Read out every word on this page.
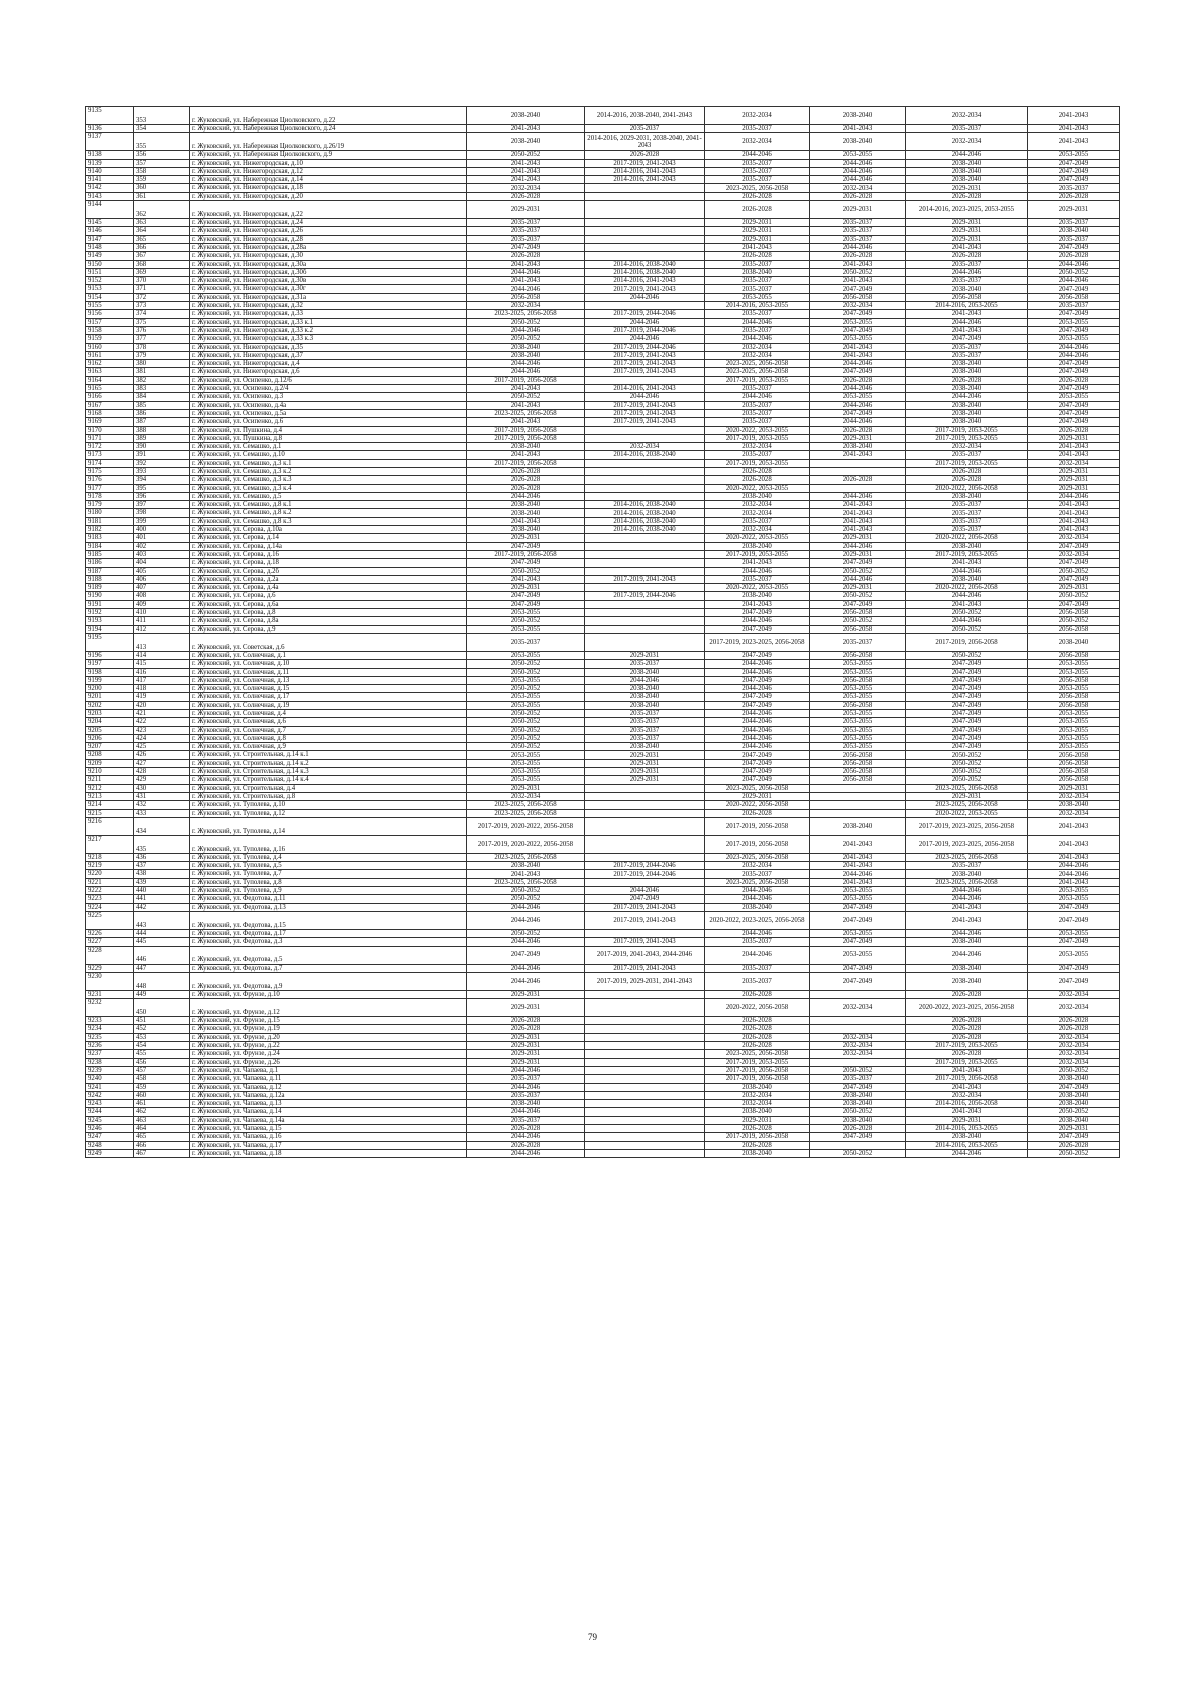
9135	353	г. Жуковский, ул. Набережная Циолковского, д.22	2038-2040	2014-2016, 2038-2040, 2041-2043	2032-2034	2038-2040	2032-2034	2041-2043
9136	354	г. Жуковский, ул. Набережная Циолковского, д.24	2041-2043	2035-2037	2035-2037	2041-2043	2035-2037	2041-2043
9137	355	г. Жуковский, ул. Набережная Циолковского, д.26/19	2038-2040	2014-2016, 2029-2031, 2038-2040, 2041-2043	2032-2034	2038-2040	2032-2034	2041-2043
9138	356	г. Жуковский, ул. Набережная Циолковского, д.9	2050-2052	2026-2028	2044-2046	2053-2055	2044-2046	2053-2055
9139	357	г. Жуковский, ул. Нижегородская, д.10	2041-2043	2017-2019, 2041-2043	2035-2037	2044-2046	2038-2040	2047-2049
9140	358	г. Жуковский, ул. Нижегородская, д.12	2041-2043	2014-2016, 2041-2043	2035-2037	2044-2046	2038-2040	2047-2049
9141	359	г. Жуковский, ул. Нижегородская, д.14	2041-2043	2014-2016, 2041-2043	2035-2037	2044-2046	2038-2040	2047-2049
9142	360	г. Жуковский, ул. Нижегородская, д.18	2032-2034		2023-2025, 2056-2058	2032-2034	2029-2031	2035-2037
9143	361	г. Жуковский, ул. Нижегородская, д.20	2026-2028		2026-2028	2026-2028	2026-2028	2026-2028
9144	362	г. Жуковский, ул. Нижегородская, д.22	2029-2031		2026-2028	2029-2031	2014-2016, 2023-2025, 2053-2055	2029-2031
9145	363	г. Жуковский, ул. Нижегородская, д.24	2035-2037		2029-2031	2035-2037	2029-2031	2035-2037
9146	364	г. Жуковский, ул. Нижегородская, д.26	2035-2037		2029-2031	2035-2037	2029-2031	2038-2040
9147	365	г. Жуковский, ул. Нижегородская, д.28	2035-2037		2029-2031	2035-2037	2029-2031	2035-2037
9148	366	г. Жуковский, ул. Нижегородская, д.28а	2047-2049		2041-2043	2044-2046	2041-2043	2047-2049
9149	367	г. Жуковский, ул. Нижегородская, д.30	2026-2028		2026-2028	2026-2028	2026-2028	2026-2028
9150	368	г. Жуковский, ул. Нижегородская, д.30а	2041-2043	2014-2016, 2038-2040	2035-2037	2041-2043	2035-2037	2044-2046
9151	369	г. Жуковский, ул. Нижегородская, д.30б	2044-2046	2014-2016, 2038-2040	2038-2040	2050-2052	2044-2046	2050-2052
9152	370	г. Жуковский, ул. Нижегородская, д.30в	2041-2043	2014-2016, 2041-2043	2035-2037	2041-2043	2035-2037	2044-2046
9153	371	г. Жуковский, ул. Нижегородская, д.30г	2044-2046	2017-2019, 2041-2043	2035-2037	2047-2049	2038-2040	2047-2049
9154	372	г. Жуковский, ул. Нижегородская, д.31а	2056-2058	2044-2046	2053-2055	2056-2058	2056-2058	2056-2058
9155	373	г. Жуковский, ул. Нижегородская, д.32	2032-2034		2014-2016, 2053-2055	2032-2034	2014-2016, 2053-2055	2035-2037
9156	374	г. Жуковский, ул. Нижегородская, д.33	2023-2025, 2056-2058	2017-2019, 2044-2046	2035-2037	2047-2049	2041-2043	2047-2049
9157	375	г. Жуковский, ул. Нижегородская, д.33 к.1	2050-2052	2044-2046	2044-2046	2053-2055	2044-2046	2053-2055
9158	376	г. Жуковский, ул. Нижегородская, д.33 к.2	2044-2046	2017-2019, 2044-2046	2035-2037	2047-2049	2041-2043	2047-2049
9159	377	г. Жуковский, ул. Нижегородская, д.33 к.3	2050-2052	2044-2046	2044-2046	2053-2055	2047-2049	2053-2055
9160	378	г. Жуковский, ул. Нижегородская, д.35	2038-2040	2017-2019, 2044-2046	2032-2034	2041-2043	2035-2037	2044-2046
9161	379	г. Жуковский, ул. Нижегородская, д.37	2038-2040	2017-2019, 2041-2043	2032-2034	2041-2043	2035-2037	2044-2046
9162	380	г. Жуковский, ул. Нижегородская, д.4	2044-2046	2017-2019, 2041-2043	2023-2025, 2056-2058	2044-2046	2038-2040	2047-2049
9163	381	г. Жуковский, ул. Нижегородская, д.6	2044-2046	2017-2019, 2041-2043	2023-2025, 2056-2058	2047-2049	2038-2040	2047-2049
9164	382	г. Жуковский, ул. Осипенко, д.12/6	2017-2019, 2056-2058		2017-2019, 2053-2055	2026-2028	2026-2028	2026-2028
9165	383	г. Жуковский, ул. Осипенко, д.2/4	2041-2043	2014-2016, 2041-2043	2035-2037	2044-2046	2038-2040	2047-2049
9166	384	г. Жуковский, ул. Осипенко, д.3	2050-2052	2044-2046	2044-2046	2053-2055	2044-2046	2053-2055
9167	385	г. Жуковский, ул. Осипенко, д.4а	2041-2043	2017-2019, 2041-2043	2035-2037	2044-2046	2038-2040	2047-2049
9168	386	г. Жуковский, ул. Осипенко, д.5а	2023-2025, 2056-2058	2017-2019, 2041-2043	2035-2037	2047-2049	2038-2040	2047-2049
9169	387	г. Жуковский, ул. Осипенко, д.6	2041-2043	2017-2019, 2041-2043	2035-2037	2044-2046	2038-2040	2047-2049
9170	388	г. Жуковский, ул. Пушкина, д.4	2017-2019, 2056-2058		2020-2022, 2053-2055	2026-2028	2017-2019, 2053-2055	2026-2028
9171	389	г. Жуковский, ул. Пушкина, д.8	2017-2019, 2056-2058		2017-2019, 2053-2055	2029-2031	2017-2019, 2053-2055	2029-2031
9172	390	г. Жуковский, ул. Семашко, д.1	2038-2040	2032-2034	2032-2034	2038-2040	2032-2034	2041-2043
9173	391	г. Жуковский, ул. Семашко, д.10	2041-2043	2014-2016, 2038-2040	2035-2037	2041-2043	2035-2037	2041-2043
9174	392	г. Жуковский, ул. Семашко, д.3 к.1	2017-2019, 2056-2058		2017-2019, 2053-2055		2017-2019, 2053-2055	2032-2034
9175	393	г. Жуковский, ул. Семашко, д.3 к.2	2026-2028		2026-2028		2026-2028	2029-2031
9176	394	г. Жуковский, ул. Семашко, д.3 к.3	2026-2028		2026-2028	2026-2028	2026-2028	2029-2031
9177	395	г. Жуковский, ул. Семашко, д.3 к.4	2026-2028		2020-2022, 2053-2055		2020-2022, 2056-2058	2029-2031
9178	396	г. Жуковский, ул. Семашко, д.5	2044-2046		2038-2040	2044-2046	2038-2040	2044-2046
9179	397	г. Жуковский, ул. Семашко, д.8 к.1	2038-2040	2014-2016, 2038-2040	2032-2034	2041-2043	2035-2037	2041-2043
9180	398	г. Жуковский, ул. Семашко, д.8 к.2	2038-2040	2014-2016, 2038-2040	2032-2034	2041-2043	2035-2037	2041-2043
9181	399	г. Жуковский, ул. Семашко, д.8 к.3	2041-2043	2014-2016, 2038-2040	2035-2037	2041-2043	2035-2037	2041-2043
9182	400	г. Жуковский, ул. Серова, д.10а	2038-2040	2014-2016, 2038-2040	2032-2034	2041-2043	2035-2037	2041-2043
9183	401	г. Жуковский, ул. Серова, д.14	2029-2031		2020-2022, 2053-2055	2029-2031	2020-2022, 2056-2058	2032-2034
9184	402	г. Жуковский, ул. Серова, д.14а	2047-2049		2038-2040	2044-2046	2038-2040	2047-2049
9185	403	г. Жуковский, ул. Серова, д.16	2017-2019, 2056-2058		2017-2019, 2053-2055	2029-2031	2017-2019, 2053-2055	2032-2034
9186	404	г. Жуковский, ул. Серова, д.18	2047-2049		2041-2043	2047-2049	2041-2043	2047-2049
9187	405	г. Жуковский, ул. Серова, д.2б	2050-2052		2044-2046	2050-2052	2044-2046	2050-2052
9188	406	г. Жуковский, ул. Серова, д.2а	2041-2043	2017-2019, 2041-2043	2035-2037	2044-2046	2038-2040	2047-2049
9189	407	г. Жуковский, ул. Серова, д.4а	2029-2031		2020-2022, 2053-2055	2029-2031	2020-2022, 2056-2058	2029-2031
9190	408	г. Жуковский, ул. Серова, д.6	2047-2049	2017-2019, 2044-2046	2038-2040	2050-2052	2044-2046	2050-2052
9191	409	г. Жуковский, ул. Серова, д.6а	2047-2049		2041-2043	2047-2049	2041-2043	2047-2049
9192	410	г. Жуковский, ул. Серова, д.8	2053-2055		2047-2049	2056-2058	2050-2052	2056-2058
9193	411	г. Жуковский, ул. Серова, д.8а	2050-2052		2044-2046	2050-2052	2044-2046	2050-2052
9194	412	г. Жуковский, ул. Серова, д.9	2053-2055		2047-2049	2056-2058	2050-2052	2056-2058
9195	413	г. Жуковский, ул. Советская, д.6	2035-2037		2017-2019, 2023-2025, 2056-2058	2035-2037	2017-2019, 2056-2058	2038-2040
9196	414	г. Жуковский, ул. Солнечная, д.1	2053-2055	2029-2031	2047-2049	2056-2058	2050-2052	2056-2058
9197	415	г. Жуковский, ул. Солнечная, д.10	2050-2052	2035-2037	2044-2046	2053-2055	2047-2049	2053-2055
9198	416	г. Жуковский, ул. Солнечная, д.11	2050-2052	2038-2040	2044-2046	2053-2055	2047-2049	2053-2055
9199	417	г. Жуковский, ул. Солнечная, д.13	2053-2055	2044-2046	2047-2049	2056-2058	2047-2049	2056-2058
9200	418	г. Жуковский, ул. Солнечная, д.15	2050-2052	2038-2040	2044-2046	2053-2055	2047-2049	2053-2055
9201	419	г. Жуковский, ул. Солнечная, д.17	2053-2055	2038-2040	2047-2049	2053-2055	2047-2049	2056-2058
9202	420	г. Жуковский, ул. Солнечная, д.19	2053-2055	2038-2040	2047-2049	2056-2058	2047-2049	2056-2058
9203	421	г. Жуковский, ул. Солнечная, д.4	2050-2052	2035-2037	2044-2046	2053-2055	2047-2049	2053-2055
9204	422	г. Жуковский, ул. Солнечная, д.6	2050-2052	2035-2037	2044-2046	2053-2055	2047-2049	2053-2055
9205	423	г. Жуковский, ул. Солнечная, д.7	2050-2052	2035-2037	2044-2046	2053-2055	2047-2049	2053-2055
9206	424	г. Жуковский, ул. Солнечная, д.8	2050-2052	2035-2037	2044-2046	2053-2055	2047-2049	2053-2055
9207	425	г. Жуковский, ул. Солнечная, д.9	2050-2052	2038-2040	2044-2046	2053-2055	2047-2049	2053-2055
9208	426	г. Жуковский, ул. Строительная, д.14 к.1	2053-2055	2029-2031	2047-2049	2056-2058	2050-2052	2056-2058
9209	427	г. Жуковский, ул. Строительная, д.14 к.2	2053-2055	2029-2031	2047-2049	2056-2058	2050-2052	2056-2058
9210	428	г. Жуковский, ул. Строительная, д.14 к.3	2053-2055	2029-2031	2047-2049	2056-2058	2050-2052	2056-2058
9211	429	г. Жуковский, ул. Строительная, д.14 к.4	2053-2055	2029-2031	2047-2049	2056-2058	2050-2052	2056-2058
9212	430	г. Жуковский, ул. Строительная, д.4	2029-2031		2023-2025, 2056-2058		2023-2025, 2056-2058	2029-2031
9213	431	г. Жуковский, ул. Строительная, д.8	2032-2034		2029-2031		2029-2031	2032-2034
9214	432	г. Жуковский, ул. Туполева, д.10	2023-2025, 2056-2058		2020-2022, 2056-2058		2023-2025, 2056-2058	2038-2040
9215	433	г. Жуковский, ул. Туполева, д.12	2023-2025, 2056-2058		2026-2028		2020-2022, 2053-2055	2032-2034
9216	434	г. Жуковский, ул. Туполева, д.14	2017-2019, 2020-2022, 2056-2058		2017-2019, 2056-2058	2038-2040	2017-2019, 2023-2025, 2056-2058	2041-2043
9217	435	г. Жуковский, ул. Туполева, д.16	2017-2019, 2020-2022, 2056-2058		2017-2019, 2056-2058	2041-2043	2017-2019, 2023-2025, 2056-2058	2041-2043
9218	436	г. Жуковский, ул. Туполева, д.4	2023-2025, 2056-2058		2023-2025, 2056-2058	2041-2043	2023-2025, 2056-2058	2041-2043
9219	437	г. Жуковский, ул. Туполева, д.5	2038-2040	2017-2019, 2044-2046	2032-2034	2041-2043	2035-2037	2044-2046
9220	438	г. Жуковский, ул. Туполева, д.7	2041-2043	2017-2019, 2044-2046	2035-2037	2044-2046	2038-2040	2044-2046
9221	439	г. Жуковский, ул. Туполева, д.8	2023-2025, 2056-2058		2023-2025, 2056-2058	2041-2043	2023-2025, 2056-2058	2041-2043
9222	440	г. Жуковский, ул. Туполева, д.9	2050-2052	2044-2046	2044-2046	2053-2055	2044-2046	2053-2055
9223	441	г. Жуковский, ул. Федотова, д.11	2050-2052	2047-2049	2044-2046	2053-2055	2044-2046	2053-2055
9224	442	г. Жуковский, ул. Федотова, д.13	2044-2046	2017-2019, 2041-2043	2038-2040	2047-2049	2041-2043	2047-2049
9225	443	г. Жуковский, ул. Федотова, д.15	2044-2046	2017-2019, 2041-2043	2020-2022, 2023-2025, 2056-2058	2047-2049	2041-2043	2047-2049
9226	444	г. Жуковский, ул. Федотова, д.17	2050-2052		2044-2046	2053-2055	2044-2046	2053-2055
9227	445	г. Жуковский, ул. Федотова, д.3	2044-2046	2017-2019, 2041-2043	2035-2037	2047-2049	2038-2040	2047-2049
9228	446	г. Жуковский, ул. Федотова, д.5	2047-2049	2017-2019, 2041-2043, 2044-2046	2044-2046	2053-2055	2044-2046	2053-2055
9229	447	г. Жуковский, ул. Федотова, д.7	2044-2046	2017-2019, 2041-2043	2035-2037	2047-2049	2038-2040	2047-2049
9230	448	г. Жуковский, ул. Федотова, д.9	2044-2046	2017-2019, 2029-2031, 2041-2043	2035-2037	2047-2049	2038-2040	2047-2049
9231	449	г. Жуковский, ул. Фрунзе, д.10	2029-2031		2026-2028		2026-2028	2032-2034
9232	450	г. Жуковский, ул. Фрунзе, д.12	2029-2031		2020-2022, 2056-2058	2032-2034	2020-2022, 2023-2025, 2056-2058	2032-2034
9233	451	г. Жуковский, ул. Фрунзе, д.15	2026-2028		2026-2028		2026-2028	2026-2028
9234	452	г. Жуковский, ул. Фрунзе, д.19	2026-2028		2026-2028		2026-2028	2026-2028
9235	453	г. Жуковский, ул. Фрунзе, д.20	2029-2031		2026-2028	2032-2034	2026-2028	2032-2034
9236	454	г. Жуковский, ул. Фрунзе, д.22	2029-2031		2026-2028	2032-2034	2017-2019, 2053-2055	2032-2034
9237	455	г. Жуковский, ул. Фрунзе, д.24	2029-2031		2023-2025, 2056-2058	2032-2034	2026-2028	2032-2034
9238	456	г. Жуковский, ул. Фрунзе, д.26	2029-2031		2017-2019, 2053-2055		2017-2019, 2053-2055	2032-2034
9239	457	г. Жуковский, ул. Чапаева, д.1	2044-2046		2017-2019, 2056-2058	2050-2052	2041-2043	2050-2052
9240	458	г. Жуковский, ул. Чапаева, д.11	2035-2037		2017-2019, 2056-2058	2035-2037	2017-2019, 2056-2058	2038-2040
9241	459	г. Жуковский, ул. Чапаева, д.12	2044-2046		2038-2040	2047-2049	2041-2043	2047-2049
9242	460	г. Жуковский, ул. Чапаева, д.12а	2035-2037		2032-2034	2038-2040	2032-2034	2038-2040
9243	461	г. Жуковский, ул. Чапаева, д.13	2038-2040		2032-2034	2038-2040	2014-2016, 2056-2058	2038-2040
9244	462	г. Жуковский, ул. Чапаева, д.14	2044-2046		2038-2040	2050-2052	2041-2043	2050-2052
9245	463	г. Жуковский, ул. Чапаева, д.14а	2035-2037		2029-2031	2038-2040	2029-2031	2038-2040
9246	464	г. Жуковский, ул. Чапаева, д.15	2026-2028		2026-2028	2026-2028	2014-2016, 2053-2055	2029-2031
9247	465	г. Жуковский, ул. Чапаева, д.16	2044-2046		2017-2019, 2056-2058	2047-2049	2038-2040	2047-2049
9248	466	г. Жуковский, ул. Чапаева, д.17	2026-2028		2026-2028		2014-2016, 2053-2055	2026-2028
9249	467	г. Жуковский, ул. Чапаева, д.18	2044-2046		2038-2040	2050-2052	2044-2046	2050-2052
79
